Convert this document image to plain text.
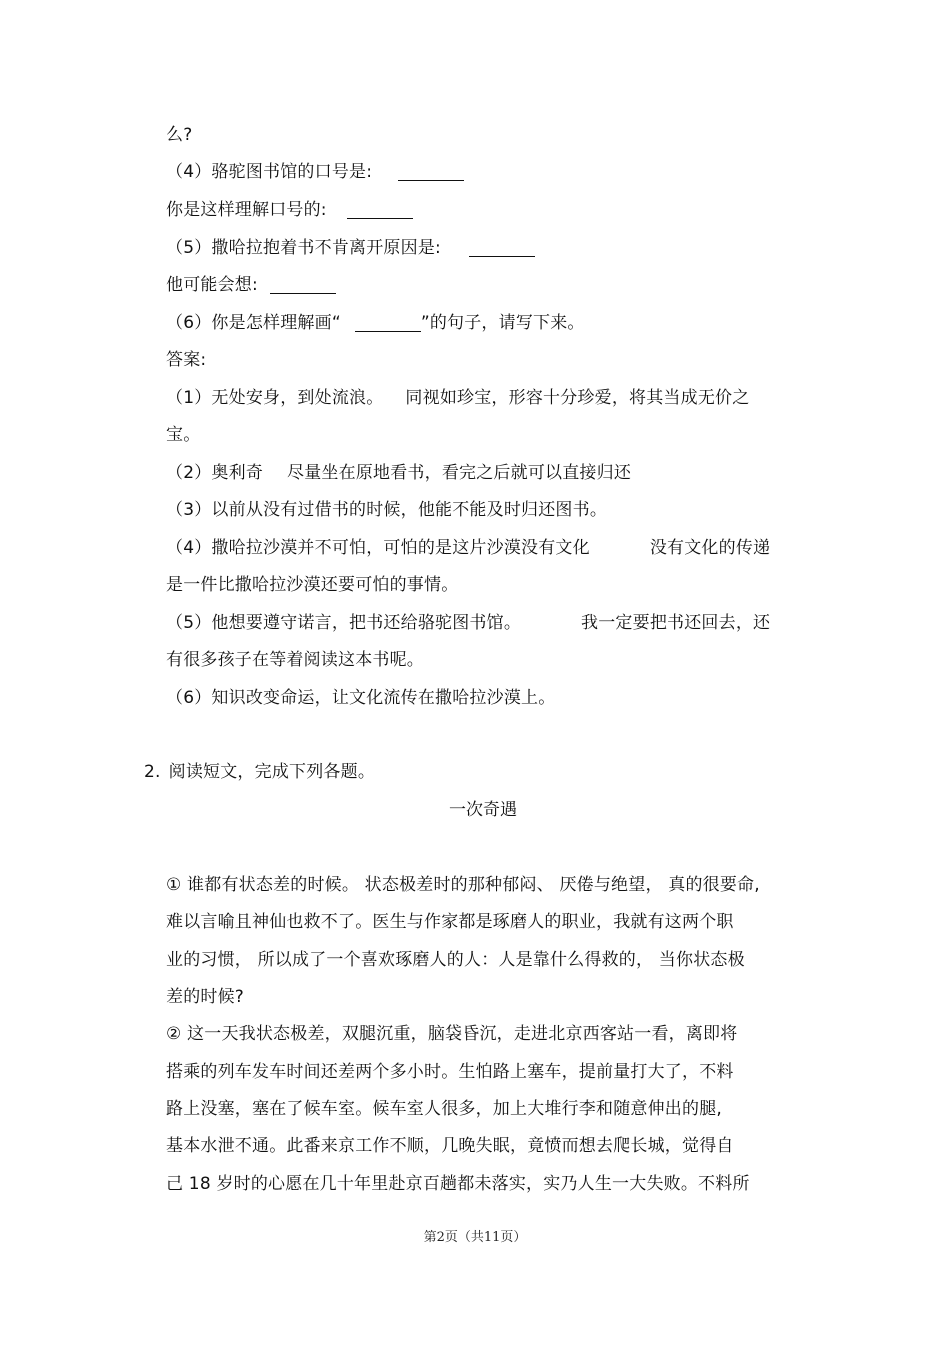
么?
（4）骆驼图书馆的口号是:
你是这样理解口号的:
（5）撒哈拉抱着书不肯离开原因是:
他可能会想:
（6）你是怎样理解画“	”的句子，请写下来。
答案:
（1）无处安身，到处流浪。 同视如珍宝，形容十分珍爱，将其当成无价之
宝。
（2）奥利奇 尽量坐在原地看书，看完之后就可以直接归还
（3）以前从没有过借书的时候，他能不能及时归还图书。
（4）撒哈拉沙漠并不可怕，可怕的是这片沙漠没有文化	没有文化的传递
是一件比撒哈拉沙漠还要可怕的事情。
（5）他想要遵守诺言，把书还给骆驼图书馆。	我一定要把书还回去，还
有很多孩子在等着阅读这本书呢。
（6）知识改变命运，让文化流传在撒哈拉沙漠上。
2. 阅读短文，完成下列各题。
一次奇遇
① 谁都有状态差的时候。 状态极差时的那种郁闷、 厌倦与绝望， 真的很要命,
难以言喻且神仙也救不了。医生与作家都是琢磨人的职业，我就有这两个职
业的习惯， 所以成了一个喜欢琢磨人的人：人是靠什么得救的， 当你状态极
差的时候?
② 这一天我状态极差，双腿沉重，脑袋昏沉，走进北京西客站一看，离即将
搭乘的列车发车时间还差两个多小时。生怕路上塞车，提前量打大了，不料
路上没塞，塞在了候车室。候车室人很多，加上大堆行李和随意伸出的腿,
基本水泄不通。此番来京工作不顺，几晚失眠，竟愤而想去爬长城，觉得自
己 18 岁时的心愿在几十年里赴京百趟都未落实，实乃人生一大失败。不料所
第2页（共11页）
